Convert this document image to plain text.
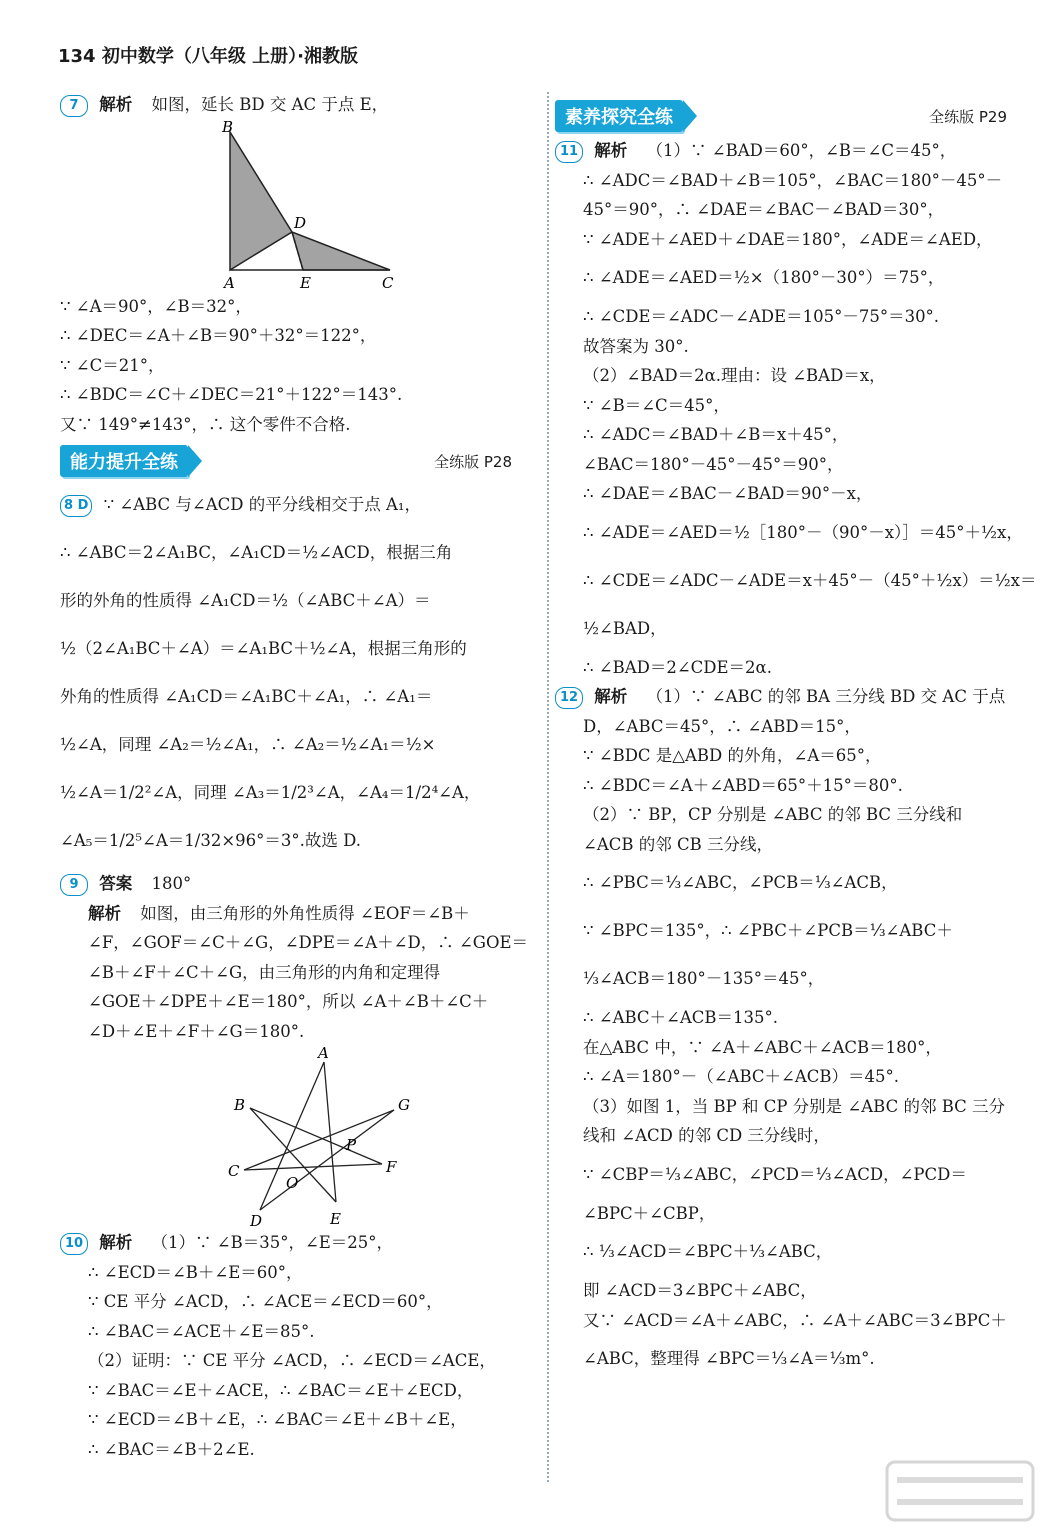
134 初中数学（八年级 上册）·湘教版
7 解析 如图，延长 BD 交 AC 于点 E，
B
D
A	E	C
∵ ∠A＝90°，∠B＝32°，
∴ ∠DEC＝∠A＋∠B＝90°＋32°＝122°，
∵ ∠C＝21°，
∴ ∠BDC＝∠C＋∠DEC＝21°＋122°＝143°.
又∵ 149°≠143°，∴ 这个零件不合格.
能力提升全练	全练版 P28
8 D ∵ ∠ABC 与∠ACD 的平分线相交于点 A₁，
∴ ∠ABC＝2∠A₁BC，∠A₁CD＝½∠ACD，根据三角
形的外角的性质得 ∠A₁CD＝½（∠ABC＋∠A）＝
½（2∠A₁BC＋∠A）＝∠A₁BC＋½∠A，根据三角形的
外角的性质得 ∠A₁CD＝∠A₁BC＋∠A₁，∴ ∠A₁＝
½∠A，同理 ∠A₂＝½∠A₁，∴ ∠A₂＝½∠A₁＝½×
½∠A＝1/2²∠A，同理 ∠A₃＝1/2³∠A，∠A₄＝1/2⁴∠A，
∠A₅＝1/2⁵∠A＝1/32×96°＝3°.故选 D.
9 答案 180°
解析 如图，由三角形的外角性质得 ∠EOF＝∠B＋
∠F，∠GOF＝∠C＋∠G，∠DPE＝∠A＋∠D，∴ ∠GOE＝
∠B＋∠F＋∠C＋∠G，由三角形的内角和定理得
∠GOE＋∠DPE＋∠E＝180°，所以 ∠A＋∠B＋∠C＋
∠D＋∠E＋∠F＋∠G＝180°.
A
B	G
P
C	F
O
D	E
10 解析 （1）∵ ∠B＝35°，∠E＝25°，
∴ ∠ECD＝∠B＋∠E＝60°，
∵ CE 平分 ∠ACD，∴ ∠ACE＝∠ECD＝60°，
∴ ∠BAC＝∠ACE＋∠E＝85°.
（2）证明：∵ CE 平分 ∠ACD，∴ ∠ECD＝∠ACE，
∵ ∠BAC＝∠E＋∠ACE，∴ ∠BAC＝∠E＋∠ECD，
∵ ∠ECD＝∠B＋∠E，∴ ∠BAC＝∠E＋∠B＋∠E，
∴ ∠BAC＝∠B＋2∠E.
素养探究全练	全练版 P29
11 解析 （1）∵ ∠BAD＝60°，∠B＝∠C＝45°，
∴ ∠ADC＝∠BAD＋∠B＝105°，∠BAC＝180°－45°－
45°＝90°，∴ ∠DAE＝∠BAC－∠BAD＝30°，
∵ ∠ADE＋∠AED＋∠DAE＝180°，∠ADE＝∠AED，
∴ ∠ADE＝∠AED＝½×（180°－30°）＝75°，
∴ ∠CDE＝∠ADC－∠ADE＝105°－75°＝30°.
故答案为 30°.
（2）∠BAD＝2α.理由：设 ∠BAD＝x，
∵ ∠B＝∠C＝45°，
∴ ∠ADC＝∠BAD＋∠B＝x＋45°，
∠BAC＝180°－45°－45°＝90°，
∴ ∠DAE＝∠BAC－∠BAD＝90°－x，
∴ ∠ADE＝∠AED＝½［180°－（90°－x）］＝45°＋½x，
∴ ∠CDE＝∠ADC－∠ADE＝x＋45°－（45°＋½x）＝½x＝
½∠BAD，
∴ ∠BAD＝2∠CDE＝2α.
12 解析 （1）∵ ∠ABC 的邻 BA 三分线 BD 交 AC 于点
D，∠ABC＝45°，∴ ∠ABD＝15°，
∵ ∠BDC 是△ABD 的外角，∠A＝65°，
∴ ∠BDC＝∠A＋∠ABD＝65°＋15°＝80°.
（2）∵ BP，CP 分别是 ∠ABC 的邻 BC 三分线和
∠ACB 的邻 CB 三分线，
∴ ∠PBC＝⅓∠ABC，∠PCB＝⅓∠ACB，
∵ ∠BPC＝135°，∴ ∠PBC＋∠PCB＝⅓∠ABC＋
⅓∠ACB＝180°－135°＝45°，
∴ ∠ABC＋∠ACB＝135°.
在△ABC 中，∵ ∠A＋∠ABC＋∠ACB＝180°，
∴ ∠A＝180°－（∠ABC＋∠ACB）＝45°.
（3）如图 1，当 BP 和 CP 分别是 ∠ABC 的邻 BC 三分
线和 ∠ACD 的邻 CD 三分线时，
∵ ∠CBP＝⅓∠ABC，∠PCD＝⅓∠ACD，∠PCD＝
∠BPC＋∠CBP，
∴ ⅓∠ACD＝∠BPC＋⅓∠ABC，
即 ∠ACD＝3∠BPC＋∠ABC，
又∵ ∠ACD＝∠A＋∠ABC，∴ ∠A＋∠ABC＝3∠BPC＋
∠ABC，整理得 ∠BPC＝⅓∠A＝⅓m°.
